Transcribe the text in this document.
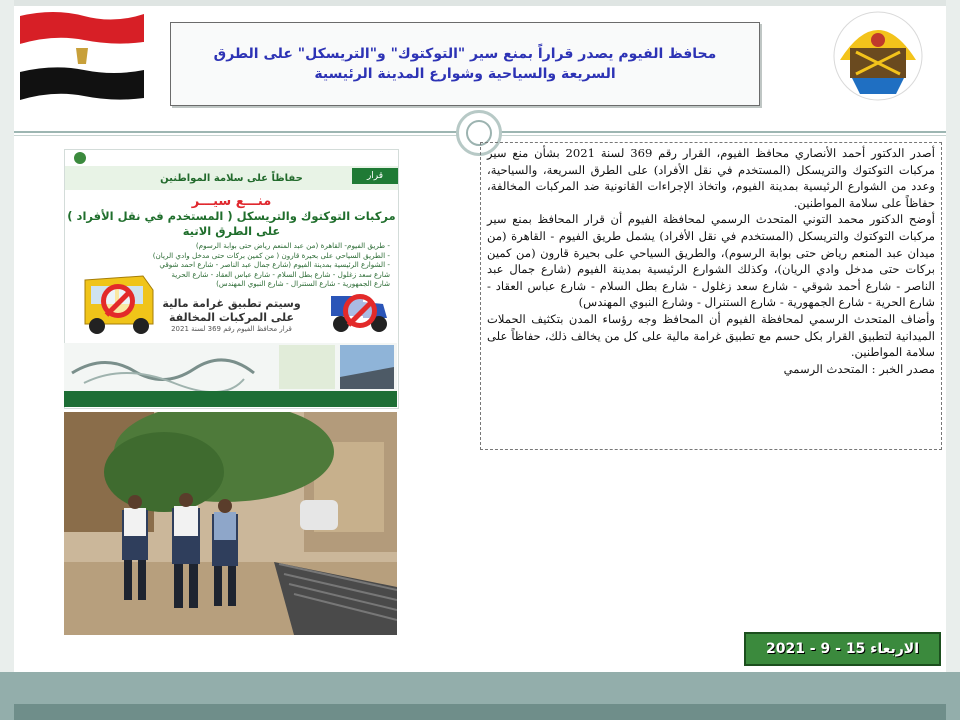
محافظ الفيوم يصدر قراراً بمنع سير "التوكتوك" و"التريسكل" على الطرق السريعة والسياحية وشوارع المدينة الرئيسية

أصدر الدكتور أحمد الأنصاري محافظ الفيوم، القرار رقم 369 لسنة 2021 بشأن منع سير مركبات التوكتوك والتريسكل (المستخدم في نقل الأفراد) على الطرق السريعة، والسياحية، وعدد من الشوارع الرئيسية بمدينة الفيوم، واتخاذ الإجراءات القانونية ضد المركبات المخالفة، حفاظاً على سلامة المواطنين.

أوضح الدكتور محمد التوني المتحدث الرسمي لمحافظة الفيوم أن قرار المحافظ بمنع سير مركبات التوكتوك والتريسكل (المستخدم في نقل الأفراد) يشمل طريق الفيوم - القاهرة (من ميدان عبد المنعم رياض حتى بوابة الرسوم)، والطريق السياحي على بحيرة قارون (من كمين بركات حتى مدخل وادي الريان)، وكذلك الشوارع الرئيسية بمدينة الفيوم (شارع جمال عبد الناصر - شارع أحمد شوقي - شارع سعد زغلول - شارع بطل السلام - شارع عباس العقاد - شارع الحرية - شارع الجمهورية - شارع الستنرال - وشارع النبوي المهندس)

وأضاف المتحدث الرسمي لمحافظة الفيوم أن المحافظ وجه رؤساء المدن بتكثيف الحملات الميدانية لتطبيق القرار بكل حسم مع تطبيق غرامة مالية على كل من يخالف ذلك، حفاظاً على سلامة المواطنين.

مصدر الخبر : المتحدث الرسمي

حفاظاً على سلامة المواطنين	قرار
منـــع سيـــر
مركبات التوكتوك والتريسكل ( المستخدم في نقل الأفراد )
على الطرق الاتية
- طريق الفيوم- القاهرة (من عبد المنعم رياض حتى بوابة الرسوم)
- الطريق السياحي على بحيرة قارون ( من كمين بركات حتى مدخل وادي الريان)
- الشوارع الرئيسية بمدينة الفيوم (شارع جمال عبد الناصر - شارع احمد شوقي
شارع سعد زغلول - شارع بطل السلام - شارع عباس العقاد - شارع الحرية
شارع الجمهورية - شارع الستنرال - شارع النبوي المهندس)
وسيتم تطبيق غرامة مالية على المركبات المخالفة
قرار محافظ الفيوم رقم 369 لسنة 2021
الاربعاء 15 - 9 - 2021
